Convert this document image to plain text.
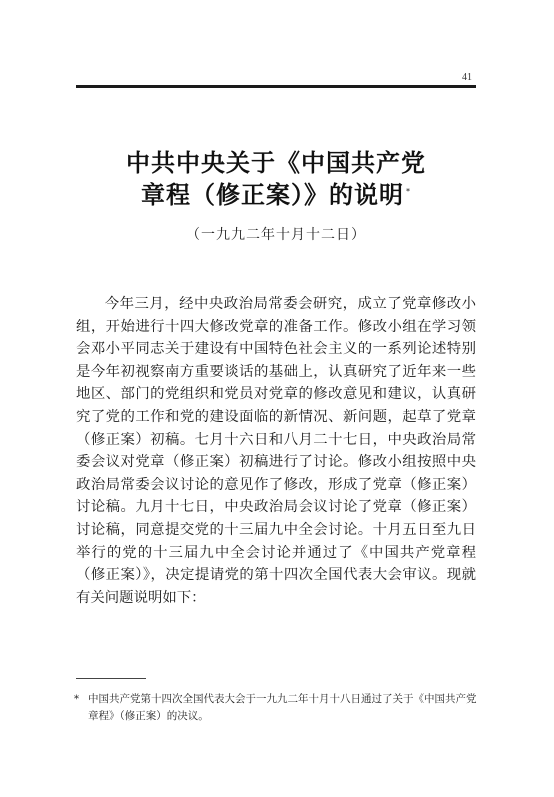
41
中共中央关于《中国共产党
章程（修正案）》的说明 *
（一九九二年十月十二日）

今年三月，经中央政治局常委会研究，成立了党章修改小组，开始进行十四大修改党章的准备工作。修改小组在学习领会邓小平同志关于建设有中国特色社会主义的一系列论述特别是今年初视察南方重要谈话的基础上，认真研究了近年来一些地区、部门的党组织和党员对党章的修改意见和建议，认真研究了党的工作和党的建设面临的新情况、新问题，起草了党章（修正案）初稿。七月十六日和八月二十七日，中央政治局常委会议对党章（修正案）初稿进行了讨论。修改小组按照中央政治局常委会议讨论的意见作了修改，形成了党章（修正案）讨论稿。九月十七日，中央政治局会议讨论了党章（修正案）讨论稿，同意提交党的十三届九中全会讨论。十月五日至九日举行的党的十三届九中全会讨论并通过了《中国共产党章程（修正案）》，决定提请党的第十四次全国代表大会审议。现就有关问题说明如下：

* 中国共产党第十四次全国代表大会于一九九二年十月十八日通过了关于《中国共产党章程》（修正案）的决议。
